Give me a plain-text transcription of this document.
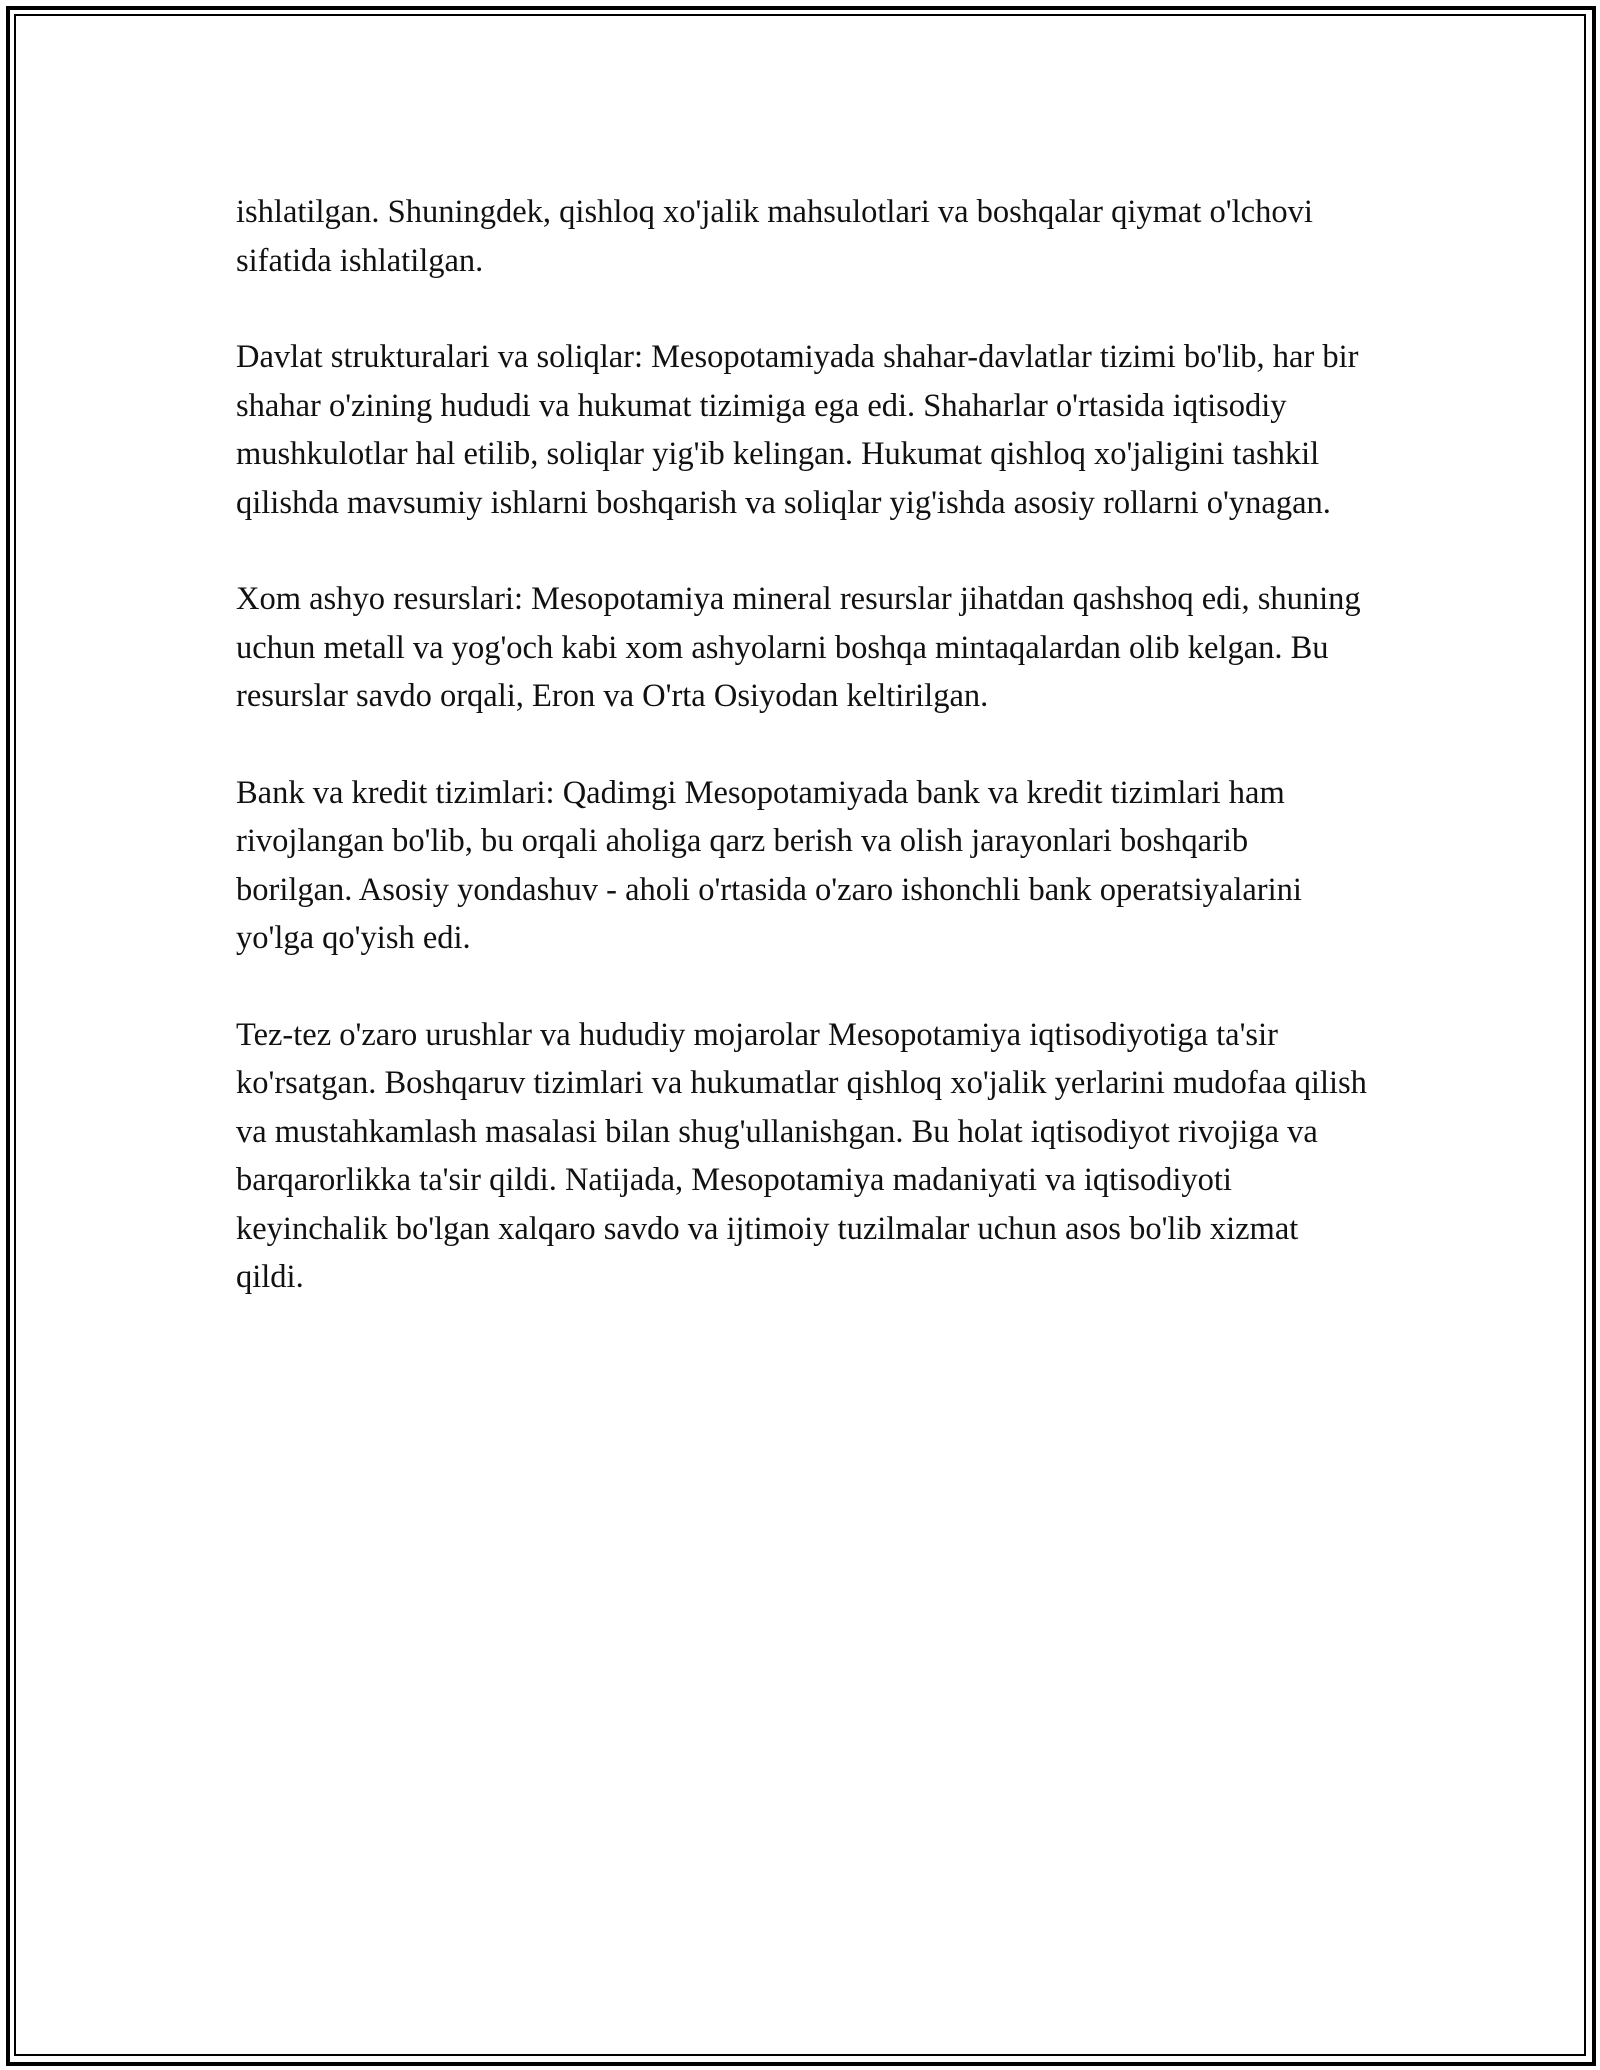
ishlatilgan. Shuningdek, qishloq xo'jalik mahsulotlari va boshqalar qiymat o'lchovi sifatida ishlatilgan.

Davlat strukturalari va soliqlar: Mesopotamiyada shahar-davlatlar tizimi bo'lib, har bir shahar o'zining hududi va hukumat tizimiga ega edi. Shaharlar o'rtasida iqtisodiy mushkulotlar hal etilib, soliqlar yig'ib kelingan. Hukumat qishloq xo'jaligini tashkil qilishda mavsumiy ishlarni boshqarish va soliqlar yig'ishda asosiy rollarni o'ynagan.

Xom ashyo resurslari: Mesopotamiya mineral resurslar jihatdan qashshoq edi, shuning uchun metall va yog'och kabi xom ashyolarni boshqa mintaqalardan olib kelgan. Bu resurslar savdo orqali, Eron va O'rta Osiyodan keltirilgan.

Bank va kredit tizimlari: Qadimgi Mesopotamiyada bank va kredit tizimlari ham rivojlangan bo'lib, bu orqali aholiga qarz berish va olish jarayonlari boshqarib borilgan. Asosiy yondashuv - aholi o'rtasida o'zaro ishonchli bank operatsiyalarini yo'lga qo'yish edi.

Tez-tez o'zaro urushlar va hududiy mojarolar Mesopotamiya iqtisodiyotiga ta'sir ko'rsatgan. Boshqaruv tizimlari va hukumatlar qishloq xo'jalik yerlarini mudofaa qilish va mustahkamlash masalasi bilan shug'ullanishgan. Bu holat iqtisodiyot rivojiga va barqarorlikka ta'sir qildi. Natijada, Mesopotamiya madaniyati va iqtisodiyoti keyinchalik bo'lgan xalqaro savdo va ijtimoiy tuzilmalar uchun asos bo'lib xizmat qildi.
